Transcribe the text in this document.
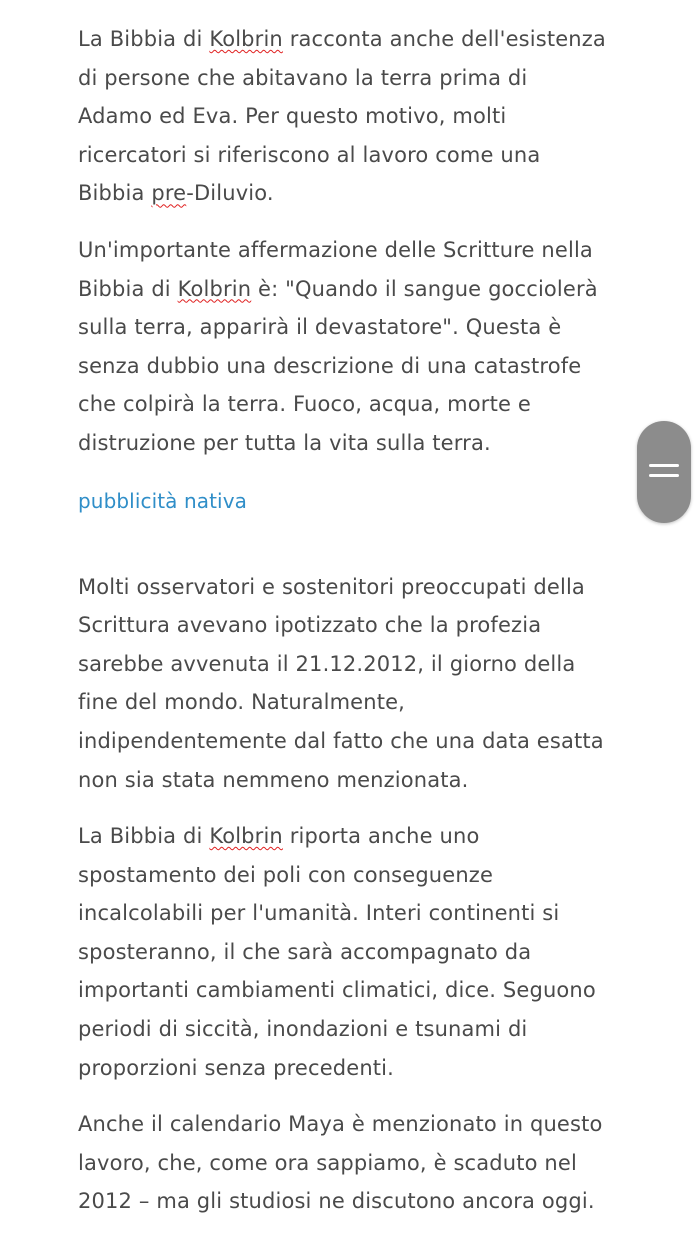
La Bibbia di Kolbrin racconta anche dell'esistenza
di persone che abitavano la terra prima di
Adamo ed Eva. Per questo motivo, molti
ricercatori si riferiscono al lavoro come una
Bibbia pre-Diluvio.

Un'importante affermazione delle Scritture nella
Bibbia di Kolbrin è: "Quando il sangue gocciolerà
sulla terra, apparirà il devastatore". Questa è
senza dubbio una descrizione di una catastrofe
che colpirà la terra. Fuoco, acqua, morte e
distruzione per tutta la vita sulla terra.

pubblicità nativa

Molti osservatori e sostenitori preoccupati della
Scrittura avevano ipotizzato che la profezia
sarebbe avvenuta il 21.12.2012, il giorno della
fine del mondo. Naturalmente,
indipendentemente dal fatto che una data esatta
non sia stata nemmeno menzionata.

La Bibbia di Kolbrin riporta anche uno
spostamento dei poli con conseguenze
incalcolabili per l'umanità. Interi continenti si
sposteranno, il che sarà accompagnato da
importanti cambiamenti climatici, dice. Seguono
periodi di siccità, inondazioni e tsunami di
proporzioni senza precedenti.

Anche il calendario Maya è menzionato in questo
lavoro, che, come ora sappiamo, è scaduto nel
2012 – ma gli studiosi ne discutono ancora oggi.
